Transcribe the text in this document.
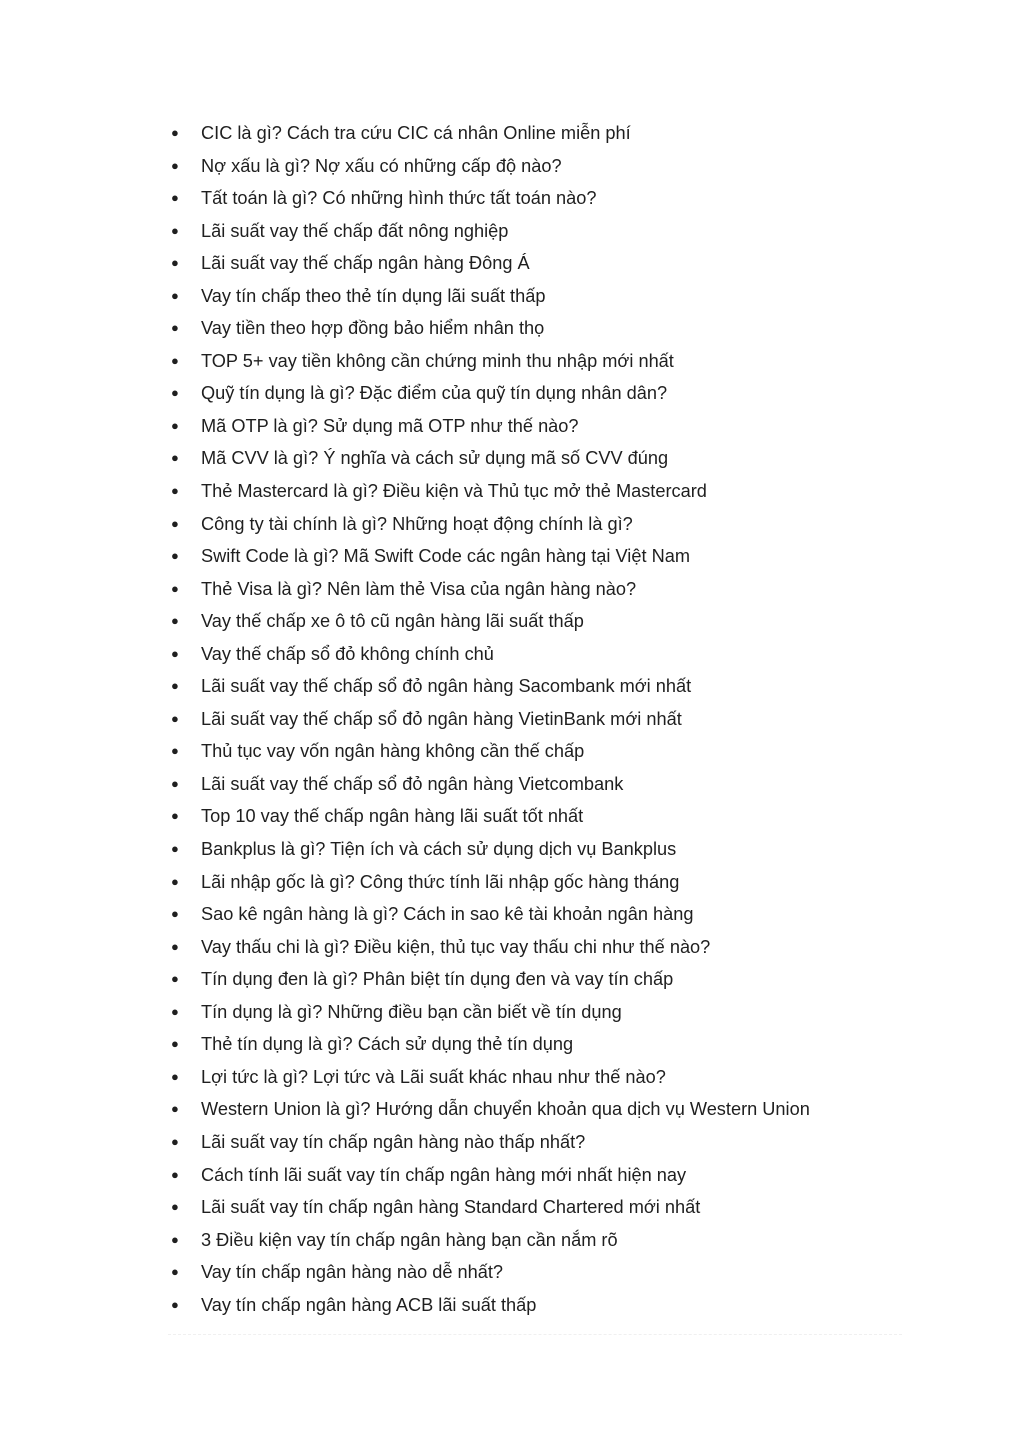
● CIC là gì? Cách tra cứu CIC cá nhân Online miễn phí
● Nợ xấu là gì? Nợ xấu có những cấp độ nào?
● Tất toán là gì? Có những hình thức tất toán nào?
● Lãi suất vay thế chấp đất nông nghiệp
● Lãi suất vay thế chấp ngân hàng Đông Á
● Vay tín chấp theo thẻ tín dụng lãi suất thấp
● Vay tiền theo hợp đồng bảo hiểm nhân thọ
● TOP 5+ vay tiền không cần chứng minh thu nhập mới nhất
● Quỹ tín dụng là gì? Đặc điểm của quỹ tín dụng nhân dân?
● Mã OTP là gì? Sử dụng mã OTP như thế nào?
● Mã CVV là gì? Ý nghĩa và cách sử dụng mã số CVV đúng
● Thẻ Mastercard là gì? Điều kiện và Thủ tục mở thẻ Mastercard
● Công ty tài chính là gì? Những hoạt động chính là gì?
● Swift Code là gì? Mã Swift Code các ngân hàng tại Việt Nam
● Thẻ Visa là gì? Nên làm thẻ Visa của ngân hàng nào?
● Vay thế chấp xe ô tô cũ ngân hàng lãi suất thấp
● Vay thế chấp sổ đỏ không chính chủ
● Lãi suất vay thế chấp sổ đỏ ngân hàng Sacombank mới nhất
● Lãi suất vay thế chấp sổ đỏ ngân hàng VietinBank mới nhất
● Thủ tục vay vốn ngân hàng không cần thế chấp
● Lãi suất vay thế chấp sổ đỏ ngân hàng Vietcombank
● Top 10 vay thế chấp ngân hàng lãi suất tốt nhất
● Bankplus là gì? Tiện ích và cách sử dụng dịch vụ Bankplus
● Lãi nhập gốc là gì? Công thức tính lãi nhập gốc hàng tháng
● Sao kê ngân hàng là gì? Cách in sao kê tài khoản ngân hàng
● Vay thấu chi là gì? Điều kiện, thủ tục vay thấu chi như thế nào?
● Tín dụng đen là gì? Phân biệt tín dụng đen và vay tín chấp
● Tín dụng là gì? Những điều bạn cần biết về tín dụng
● Thẻ tín dụng là gì? Cách sử dụng thẻ tín dụng
● Lợi tức là gì? Lợi tức và Lãi suất khác nhau như thế nào?
● Western Union là gì? Hướng dẫn chuyển khoản qua dịch vụ Western Union
● Lãi suất vay tín chấp ngân hàng nào thấp nhất?
● Cách tính lãi suất vay tín chấp ngân hàng mới nhất hiện nay
● Lãi suất vay tín chấp ngân hàng Standard Chartered mới nhất
● 3 Điều kiện vay tín chấp ngân hàng bạn cần nắm rõ
● Vay tín chấp ngân hàng nào dễ nhất?
● Vay tín chấp ngân hàng ACB lãi suất thấp
